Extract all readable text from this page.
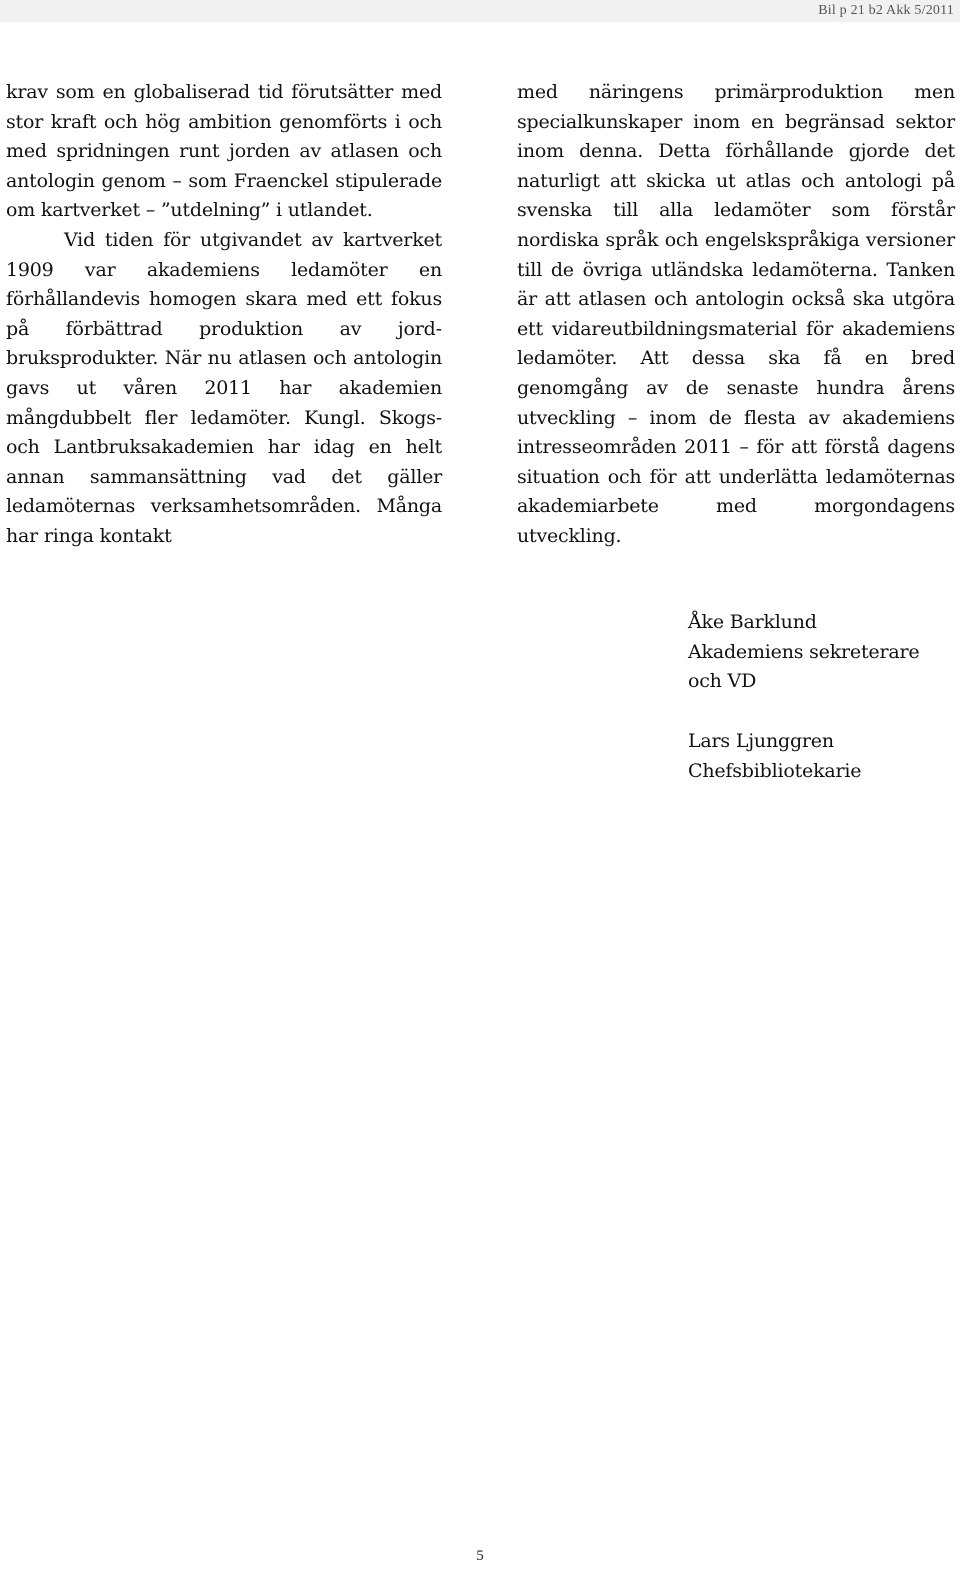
Bil p 21 b2 Akk 5/2011

krav som en globaliserad tid förutsätter med stor kraft och hög ambition genomförts i och med spridningen runt jorden av atlasen och antologin genom – som Fraenckel stipulerade om kartverket – ”utdelning” i utlandet.

Vid tiden för utgivandet av kartverket 1909 var akademiens ledamöter en förhållandevis homogen skara med ett fokus på förbättrad produktion av jordbruksprodukter. När nu atlasen och antologin gavs ut våren 2011 har akademien mångdubbelt fler ledamöter. Kungl. Skogs- och Lantbruksakademien har idag en helt annan sammansättning vad det gäller ledamöternas verksamhetsområden. Många har ringa kontakt

med näringens primärproduktion men specialkunskaper inom en begränsad sektor inom denna. Detta förhållande gjorde det naturligt att skicka ut atlas och antologi på svenska till alla ledamöter som förstår nordiska språk och engelskspråkiga versioner till de övriga utländska ledamöterna. Tanken är att atlasen och antologin också ska utgöra ett vidareutbildningsmaterial för akademiens ledamöter. Att dessa ska få en bred genomgång av de senaste hundra årens utveckling – inom de flesta av akademiens intresseområden 2011 – för att förstå dagens situation och för att underlätta ledamöternas akademiarbete med morgondagens utveckling.

Åke Barklund
Akademiens sekreterare
och VD
Lars Ljunggren
Chefsbibliotekarie
5
